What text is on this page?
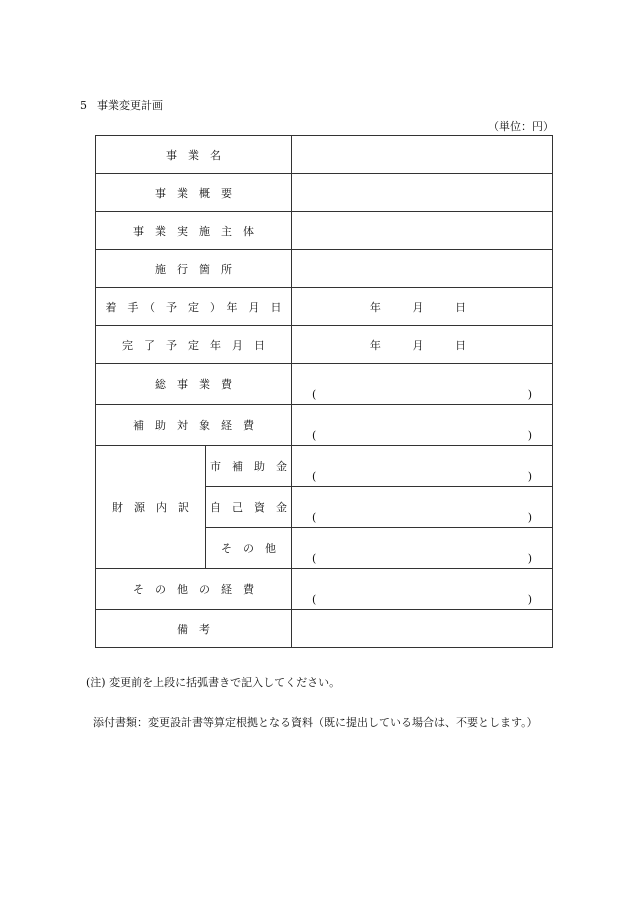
5 事業変更計画
（単位：円）
事　業　名		
事　業　概　要		
事　業　実　施　主　体		
施　行　箇　所		
着　手　（　予　定　）　年　月　日		年 月 日

完　了　予　定　年　月　日		年 月 日

総　事　業　費		( )

補　助　対　象　経　費		( )

財　源　内　訳	市　補　助　金	( )

	自　己　資　金	( )

	そ　の　他	( )

そ　の　他　の　経　費		( )

備　考		
(注) 変更前を上段に括弧書きで記入してください。
添付書類：変更設計書等算定根拠となる資料（既に提出している場合は、不要とします。）
